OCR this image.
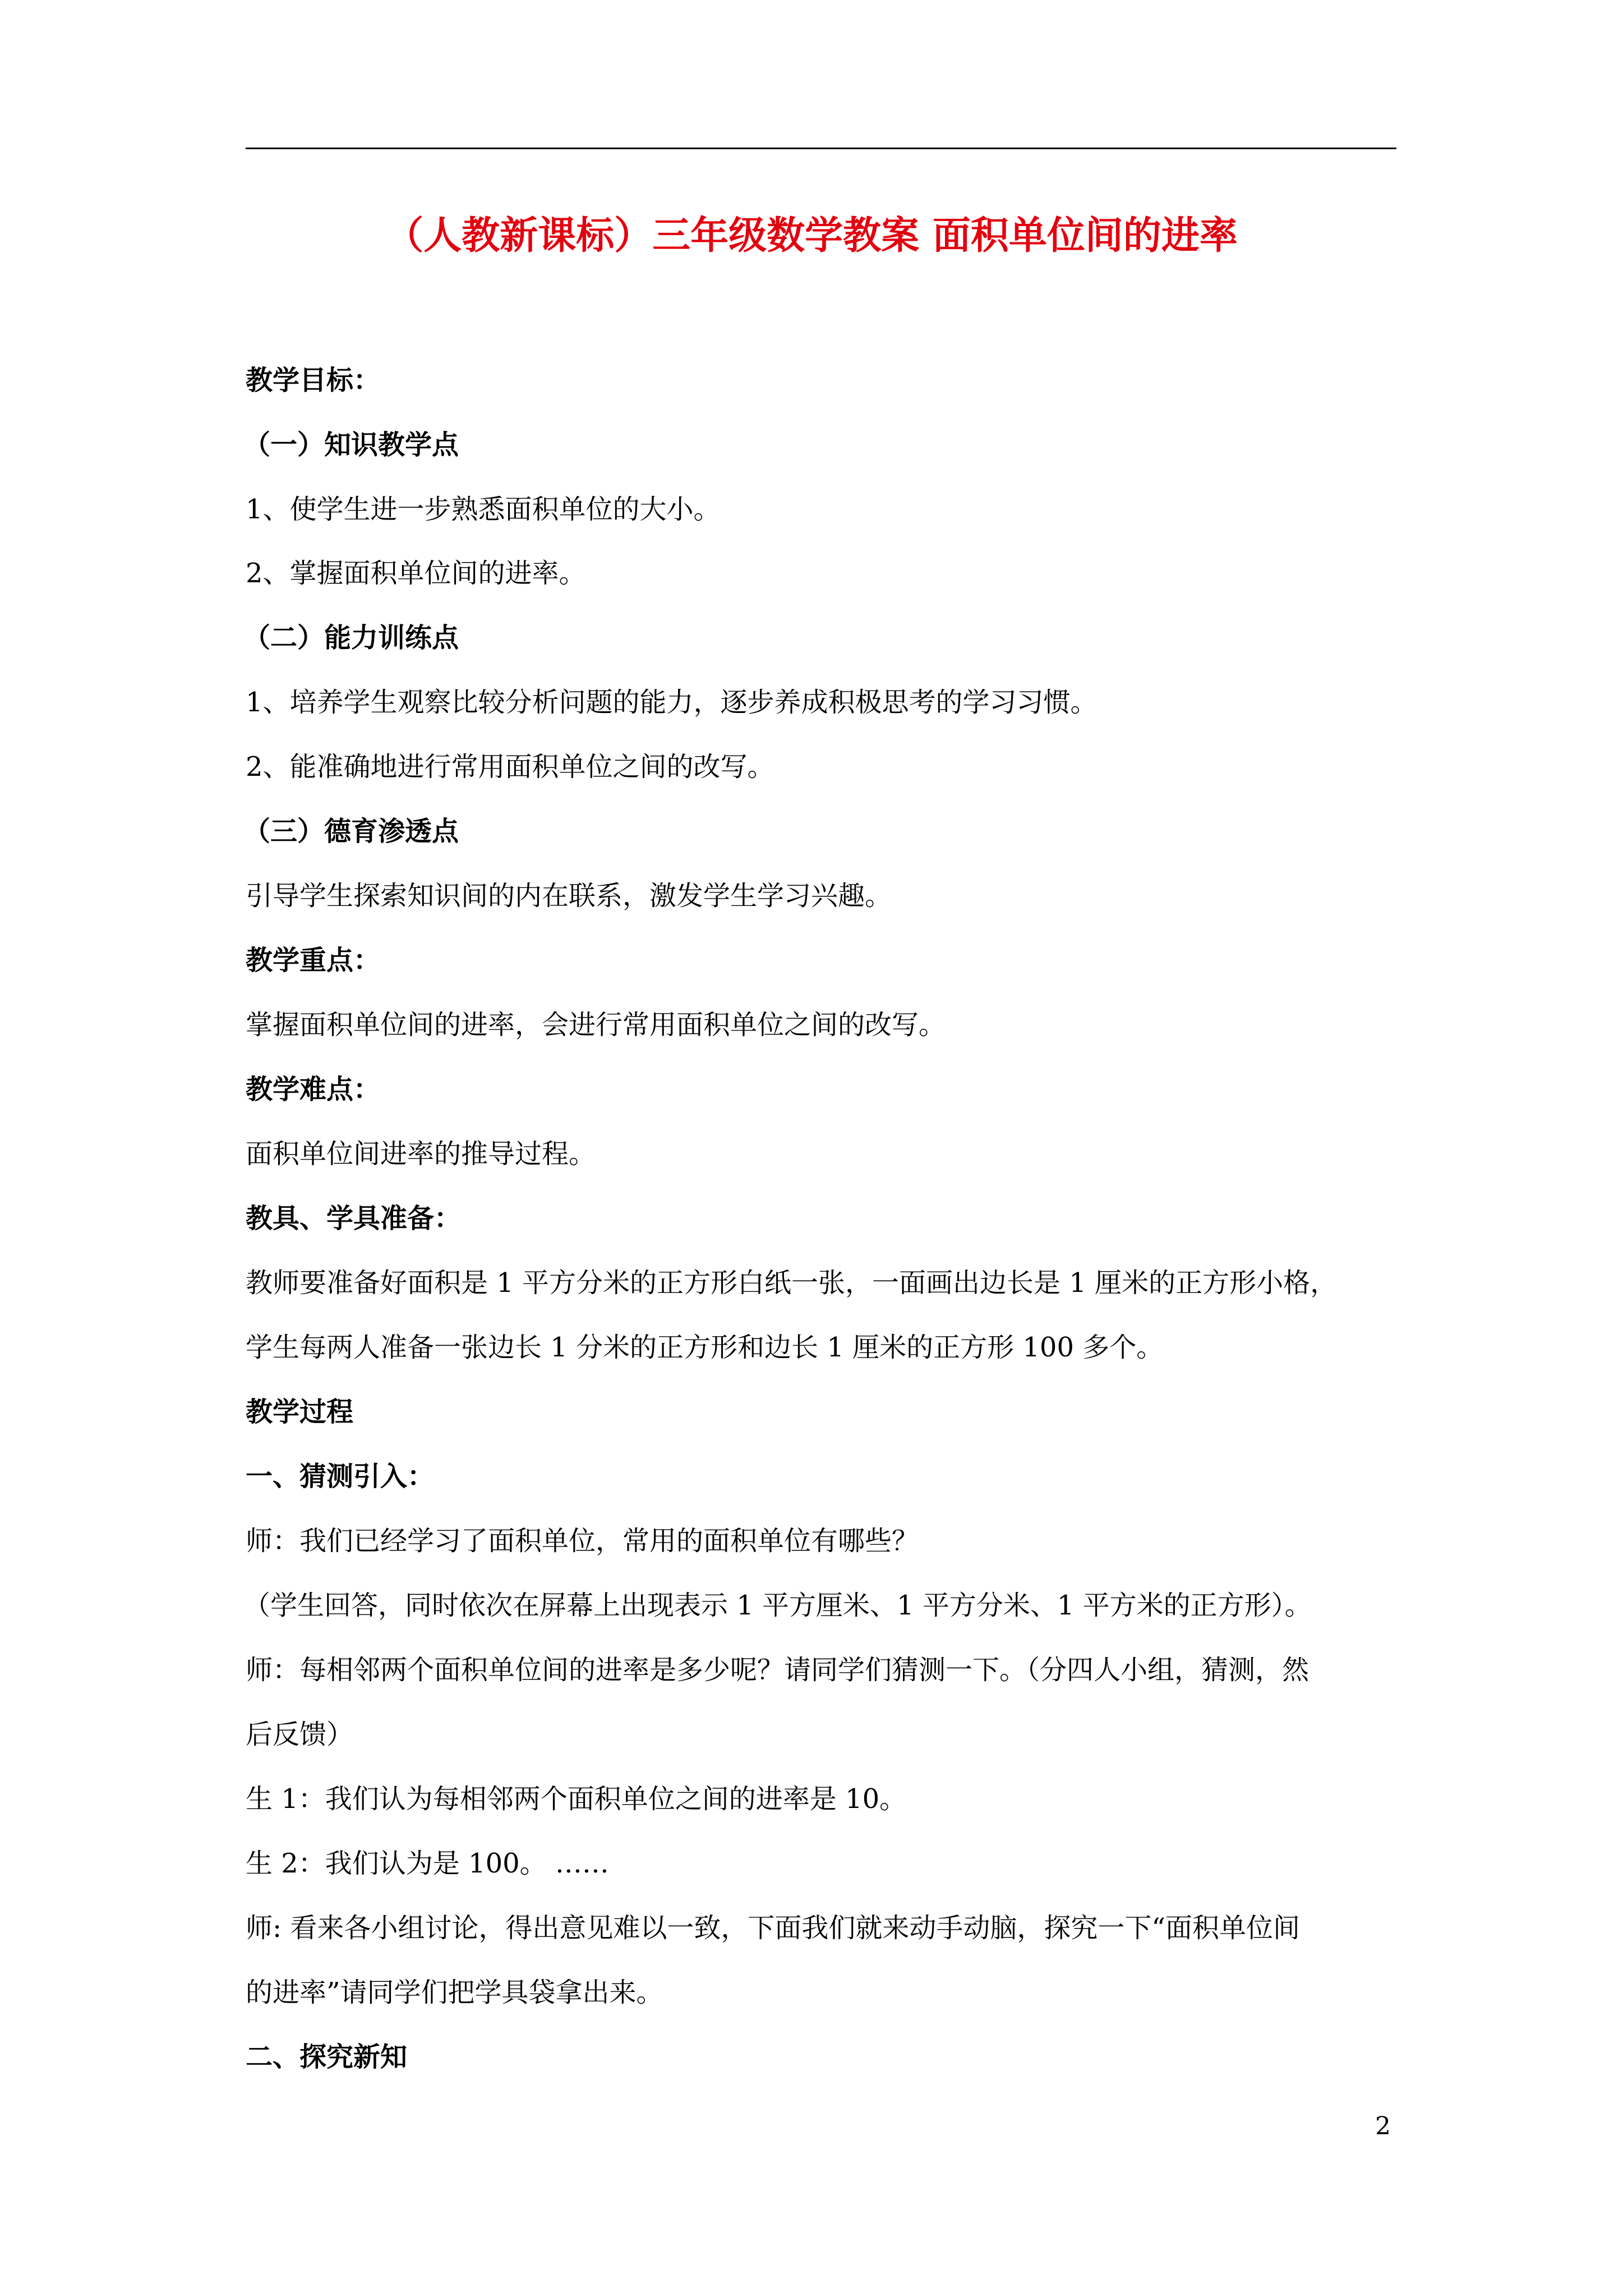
（人教新课标）三年级数学教案 面积单位间的进率
教学目标：
（一）知识教学点
1、使学生进一步熟悉面积单位的大小。
2、掌握面积单位间的进率。
（二）能力训练点
1、培养学生观察比较分析问题的能力，逐步养成积极思考的学习习惯。
2、能准确地进行常用面积单位之间的改写。
（三）德育渗透点
引导学生探索知识间的内在联系，激发学生学习兴趣。
教学重点：
掌握面积单位间的进率，会进行常用面积单位之间的改写。
教学难点：
面积单位间进率的推导过程。
教具、学具准备：
教师要准备好面积是 1 平方分米的正方形白纸一张，一面画出边长是 1 厘米的正方形小格，
学生每两人准备一张边长 1 分米的正方形和边长 1 厘米的正方形 100 多个。
教学过程
一、猜测引入：
师：我们已经学习了面积单位，常用的面积单位有哪些？
（学生回答，同时依次在屏幕上出现表示 1 平方厘米、1 平方分米、1 平方米的正方形）。
师：每相邻两个面积单位间的进率是多少呢？请同学们猜测一下。（分四人小组，猜测，然
后反馈）
生 1：我们认为每相邻两个面积单位之间的进率是 10。
生 2：我们认为是 100。 ……
师: 看来各小组讨论，得出意见难以一致，下面我们就来动手动脑，探究一下“面积单位间
的进率”请同学们把学具袋拿出来。
二、探究新知
2
